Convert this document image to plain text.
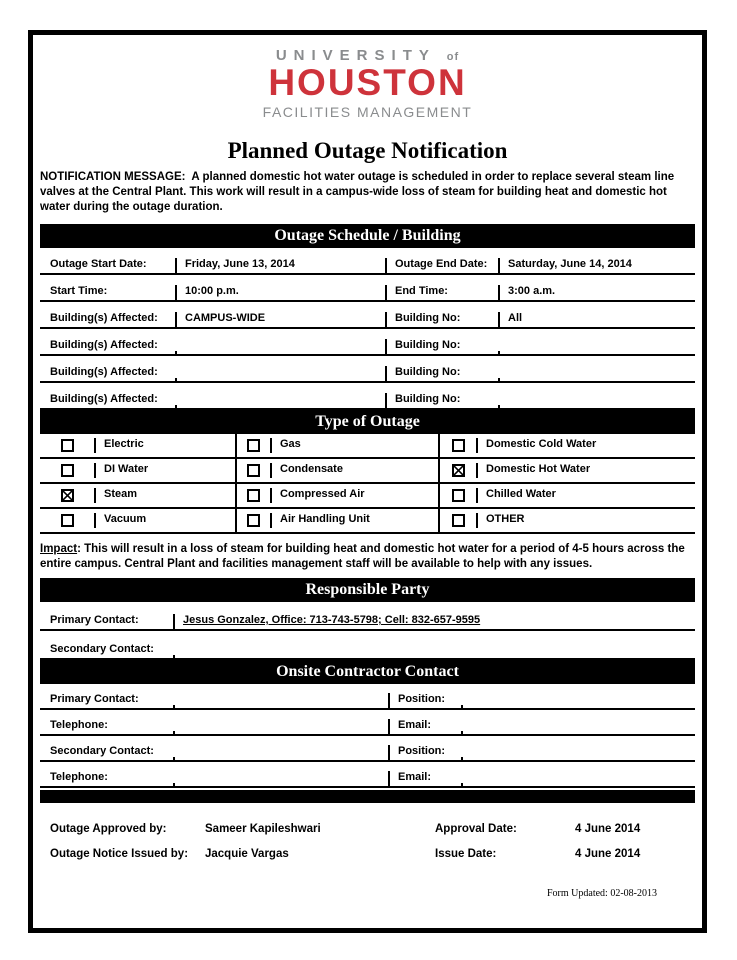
UNIVERSITY of
HOUSTON
FACILITIES MANAGEMENT
Planned Outage Notification

NOTIFICATION MESSAGE: A planned domestic hot water outage is scheduled in order to replace several steam line valves at the Central Plant. This work will result in a campus-wide loss of steam for building heat and domestic hot water during the outage duration.

Outage Schedule / Building
Outage Start Date:	Friday, June 13, 2014	Outage End Date:	Saturday, June 14, 2014
Start Time:	10:00 p.m.	End Time:	3:00 a.m.
Building(s) Affected:	CAMPUS-WIDE	Building No:	All
Building(s) Affected:	Building No:
Building(s) Affected:	Building No:
Building(s) Affected:	Building No:
Type of Outage
Electric	Gas	Domestic Cold Water
DI Water	Condensate	Domestic Hot Water
Steam	Compressed Air	Chilled Water
Vacuum	Air Handling Unit	OTHER

Impact: This will result in a loss of steam for building heat and domestic hot water for a period of 4-5 hours across the entire campus. Central Plant and facilities management staff will be available to help with any issues.

Responsible Party
Primary Contact:	Jesus Gonzalez, Office: 713-743-5798; Cell: 832-657-9595
Secondary Contact:
Onsite Contractor Contact
Primary Contact:	Position:
Telephone:	Email:
Secondary Contact:	Position:
Telephone:	Email:
Outage Approved by:	Sameer Kapileshwari	Approval Date:	4 June 2014
Outage Notice Issued by:	Jacquie Vargas	Issue Date:	4 June 2014
Form Updated: 02-08-2013
